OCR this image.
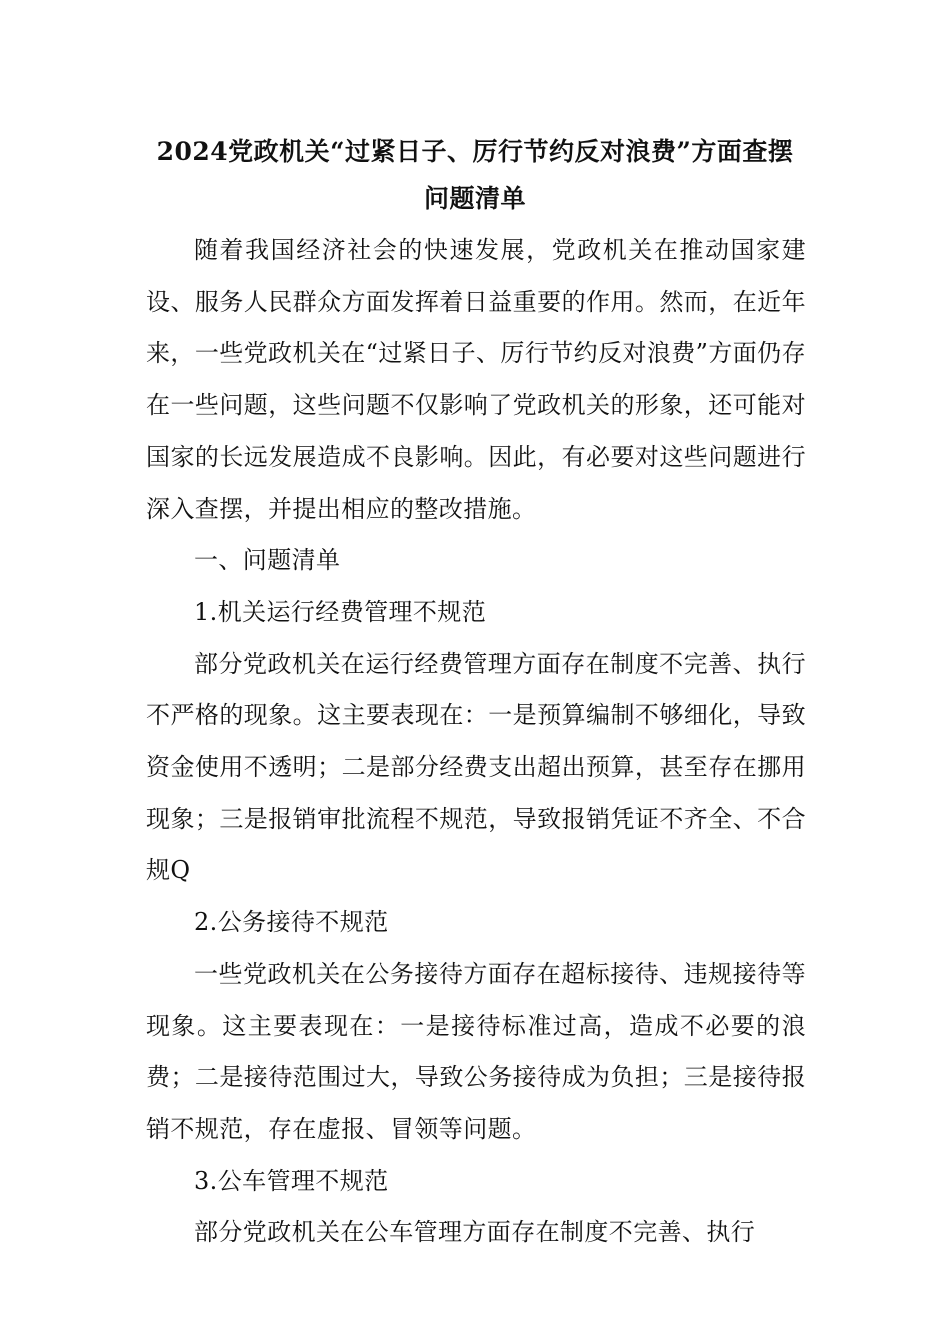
2024党政机关“过紧日子、厉行节约反对浪费”方面查摆
问题清单

随着我国经济社会的快速发展，党政机关在推动国家建设、服务人民群众方面发挥着日益重要的作用。然而，在近年来，一些党政机关在“过紧日子、厉行节约反对浪费”方面仍存在一些问题，这些问题不仅影响了党政机关的形象，还可能对国家的长远发展造成不良影响。因此，有必要对这些问题进行深入查摆，并提出相应的整改措施。

一、问题清单

1.机关运行经费管理不规范

部分党政机关在运行经费管理方面存在制度不完善、执行不严格的现象。这主要表现在：一是预算编制不够细化，导致资金使用不透明；二是部分经费支出超出预算，甚至存在挪用现象；三是报销审批流程不规范，导致报销凭证不齐全、不合规Q

2.公务接待不规范

一些党政机关在公务接待方面存在超标接待、违规接待等现象。这主要表现在：一是接待标准过高，造成不必要的浪费；二是接待范围过大，导致公务接待成为负担；三是接待报销不规范，存在虚报、冒领等问题。

3.公车管理不规范

部分党政机关在公车管理方面存在制度不完善、执行
